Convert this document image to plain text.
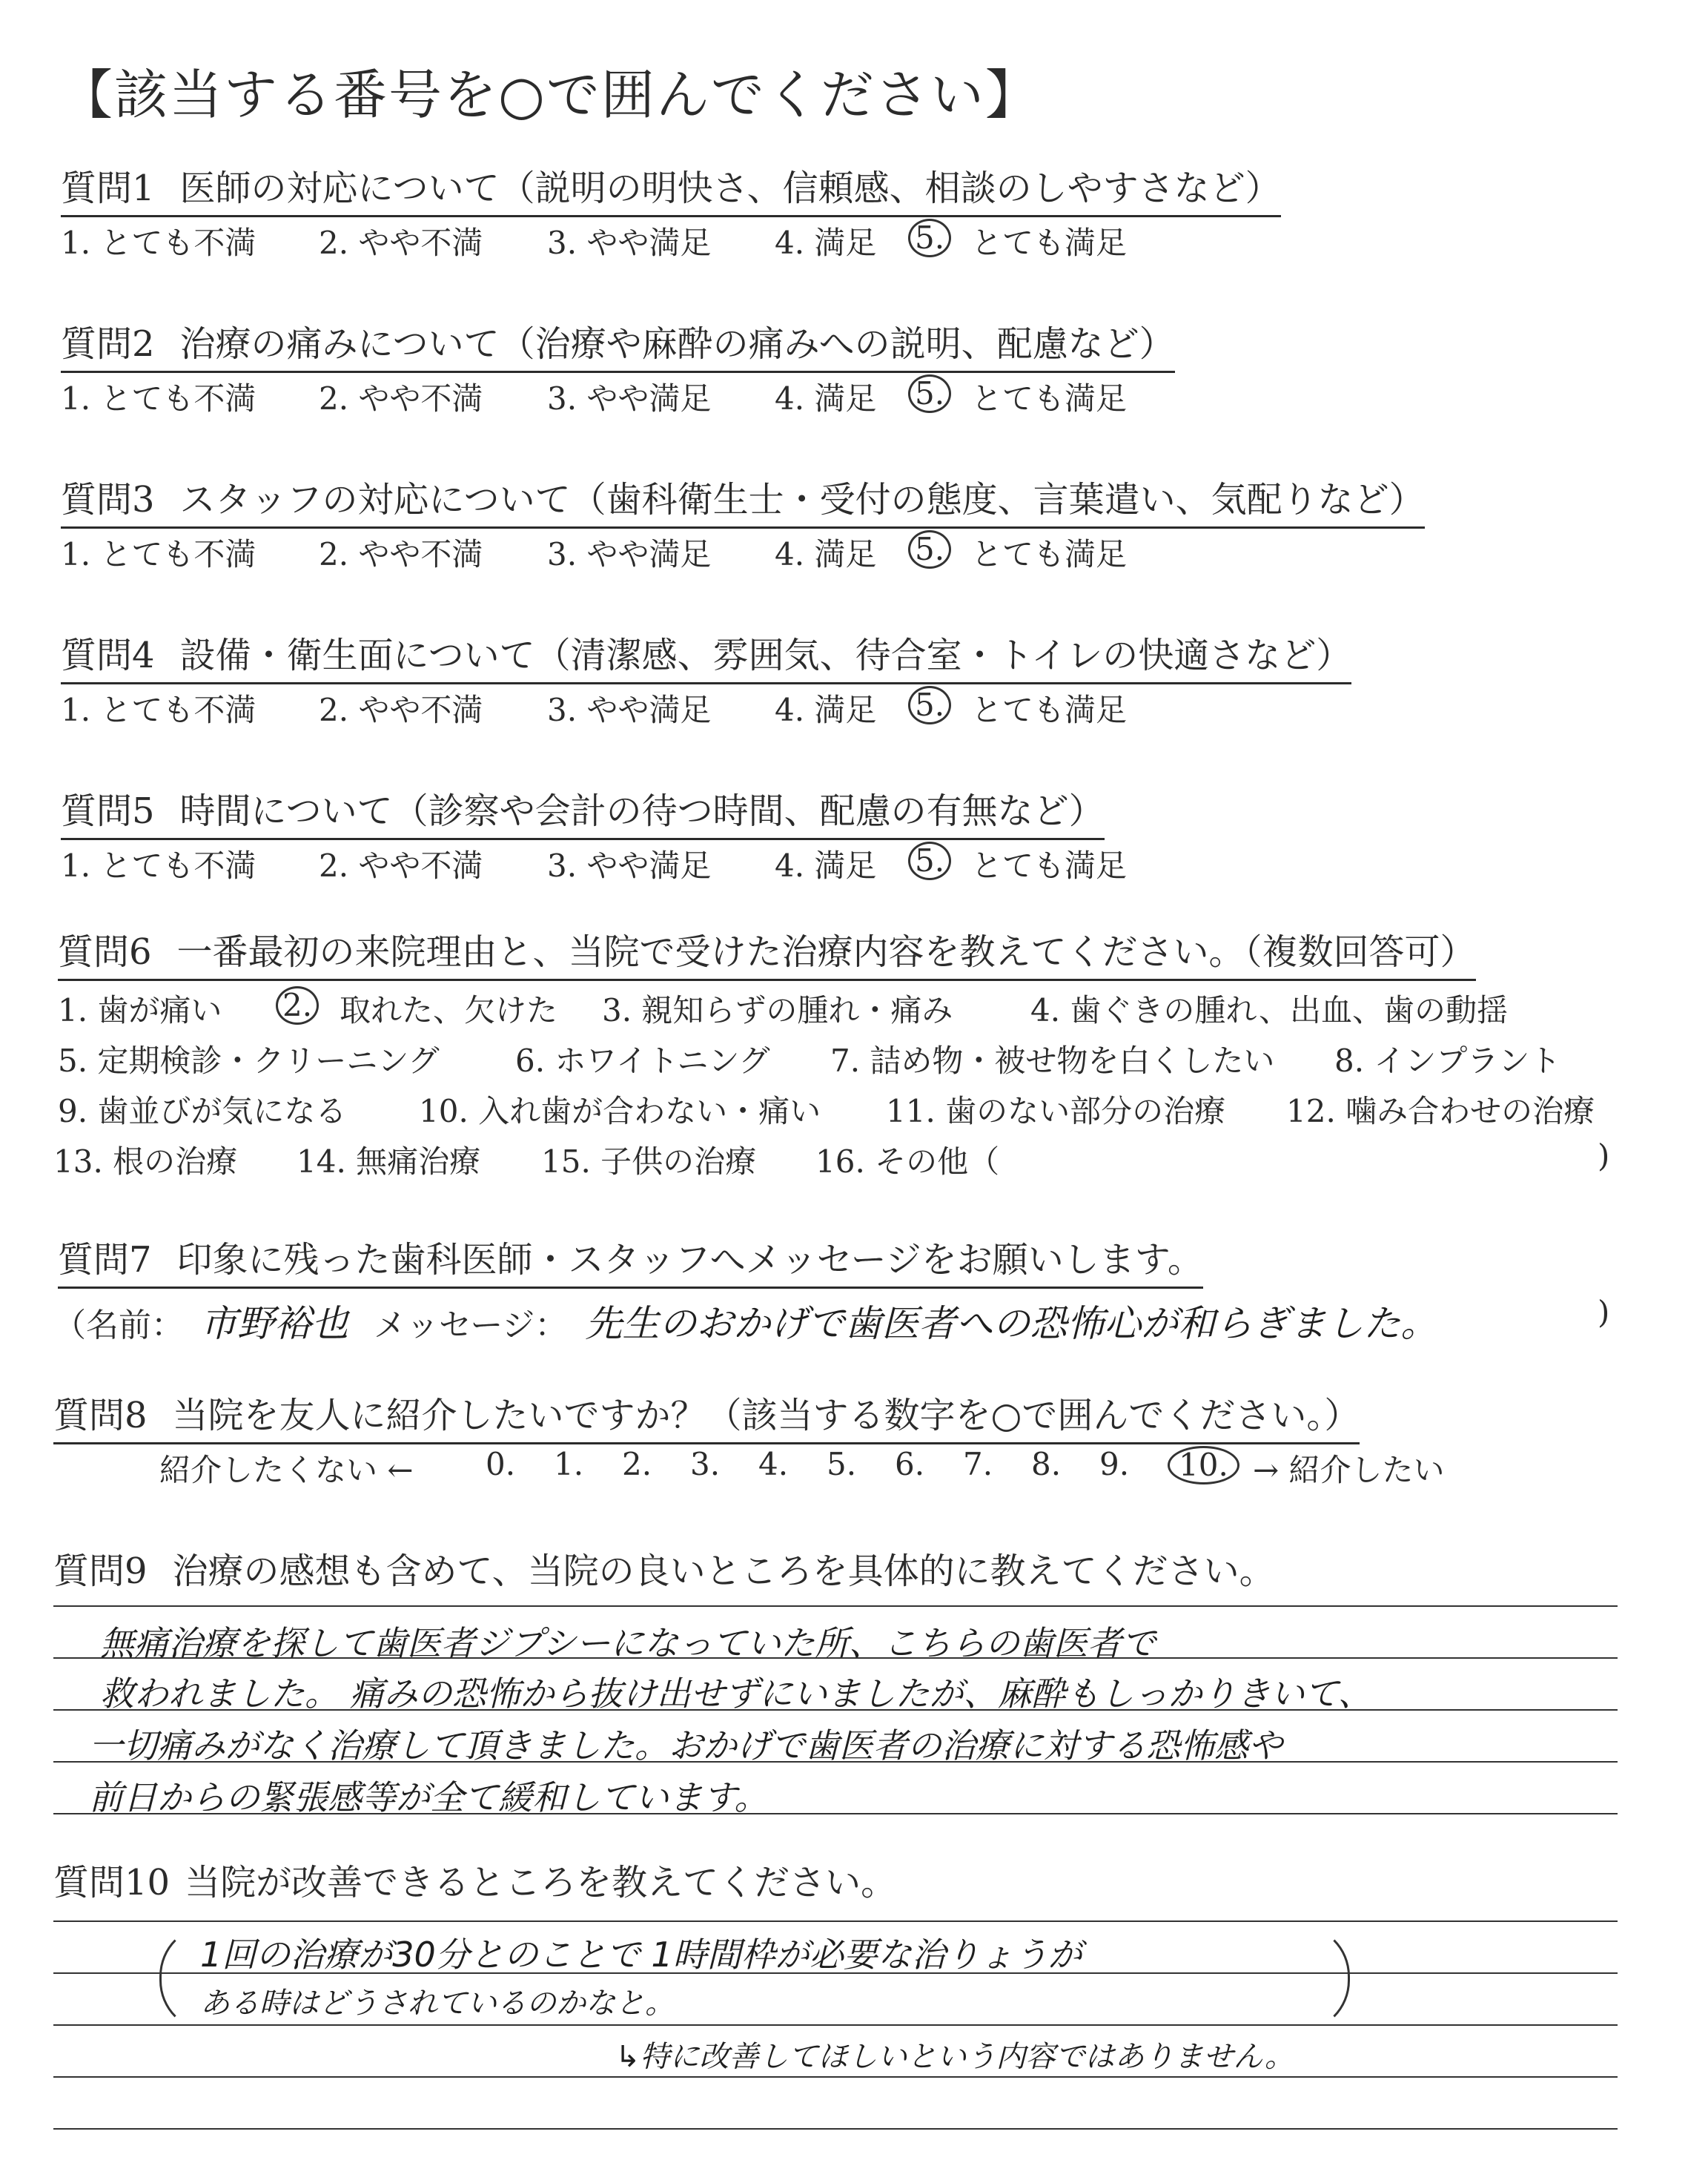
【該当する番号を○で囲んでください】
質問1 医師の対応について（説明の明快さ、信頼感、相談のしやすさなど）
1. とても不満 2. やや不満 3. やや満足 4. 満足 5. とても満足
質問2 治療の痛みについて（治療や麻酔の痛みへの説明、配慮など）
1. とても不満 2. やや不満 3. やや満足 4. 満足 5. とても満足
質問3 スタッフの対応について（歯科衛生士・受付の態度、言葉遣い、気配りなど）
1. とても不満 2. やや不満 3. やや満足 4. 満足 5. とても満足
質問4 設備・衛生面について（清潔感、雰囲気、待合室・トイレの快適さなど）
1. とても不満 2. やや不満 3. やや満足 4. 満足 5. とても満足
質問5 時間について（診察や会計の待つ時間、配慮の有無など）
1. とても不満 2. やや不満 3. やや満足 4. 満足 5. とても満足
質問6 一番最初の来院理由と、当院で受けた治療内容を教えてください。（複数回答可）
1. 歯が痛い 2. 取れた、欠けた 3. 親知らずの腫れ・痛み 4. 歯ぐきの腫れ、出血、歯の動揺
5. 定期検診・クリーニング 6. ホワイトニング 7. 詰め物・被せ物を白くしたい 8. インプラント
9. 歯並びが気になる 10. 入れ歯が合わない・痛い 11. 歯のない部分の治療 12. 噛み合わせの治療
13. 根の治療 14. 無痛治療 15. 子供の治療 16. その他（	)
質問7 印象に残った歯科医師・スタッフへメッセージをお願いします。
（名前： 市野裕也 メッセージ： 先生のおかげで歯医者への恐怖心が和らぎました。	)
質問8 当院を友人に紹介したいですか？（該当する数字を○で囲んでください。）
紹介したくない ← 0. 1. 2. 3. 4. 5. 6. 7. 8. 9.	10. → 紹介したい
質問9 治療の感想も含めて、当院の良いところを具体的に教えてください。
無痛治療を探して歯医者ジプシーになっていた所、こちらの歯医者で
救われました。 痛みの恐怖から抜け出せずにいましたが、麻酔もしっかりきいて、
一切痛みがなく治療して頂きました。おかげで歯医者の治療に対する恐怖感や
前日からの緊張感等が全て緩和しています。
質問10 当院が改善できるところを教えてください。
1回の治療が30分とのことで 1時間枠が必要な治りょうが
ある時はどうされているのかなと。
↳特に改善してほしいという内容ではありません。
